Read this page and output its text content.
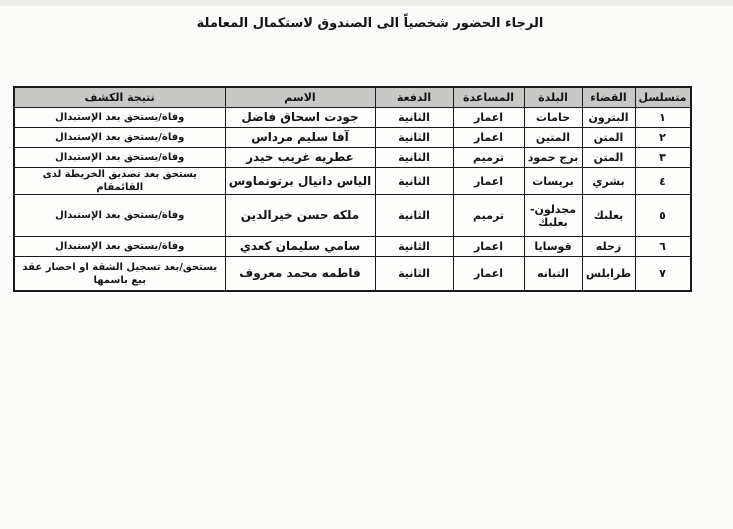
الرجاء الحضور شخصياً الى الصندوق لاستكمال المعاملة
متسلسل	القضاء	البلدة	المساعدة	الدفعة	الاسم	نتيجة الكشف
١	البترون	حامات	اعمار	الثانية	جودت اسحاق فاضل	وفاة/يستحق بعد الإستبدال
٢	المتن	المتين	اعمار	الثانية	آفا سليم مرداس	وفاة/يستحق بعد الإستبدال
٣	المتن	برج حمود	ترميم	الثانية	عطريه غريب حيدر	وفاة/يستحق بعد الإستبدال
٤	بشري	بريسات	اعمار	الثانية	الياس دانيال برتونماوس	يستحق بعد تصديق الخريطة لدى القائمقام
٥	بعلبك	مجدلون- بعلبك	ترميم	الثانية	ملكه حسن خيرالدين	وفاة/يستحق بعد الإستبدال
٦	زحله	قوسايا	اعمار	الثانية	سامي سليمان كعدي	وفاة/يستحق بعد الإستبدال
٧	طرابلس	التبانه	اعمار	الثانية	فاطمه محمد معروف	يستحق/بعد تسجيل الشقة او احضار عقد بيع باسمها
